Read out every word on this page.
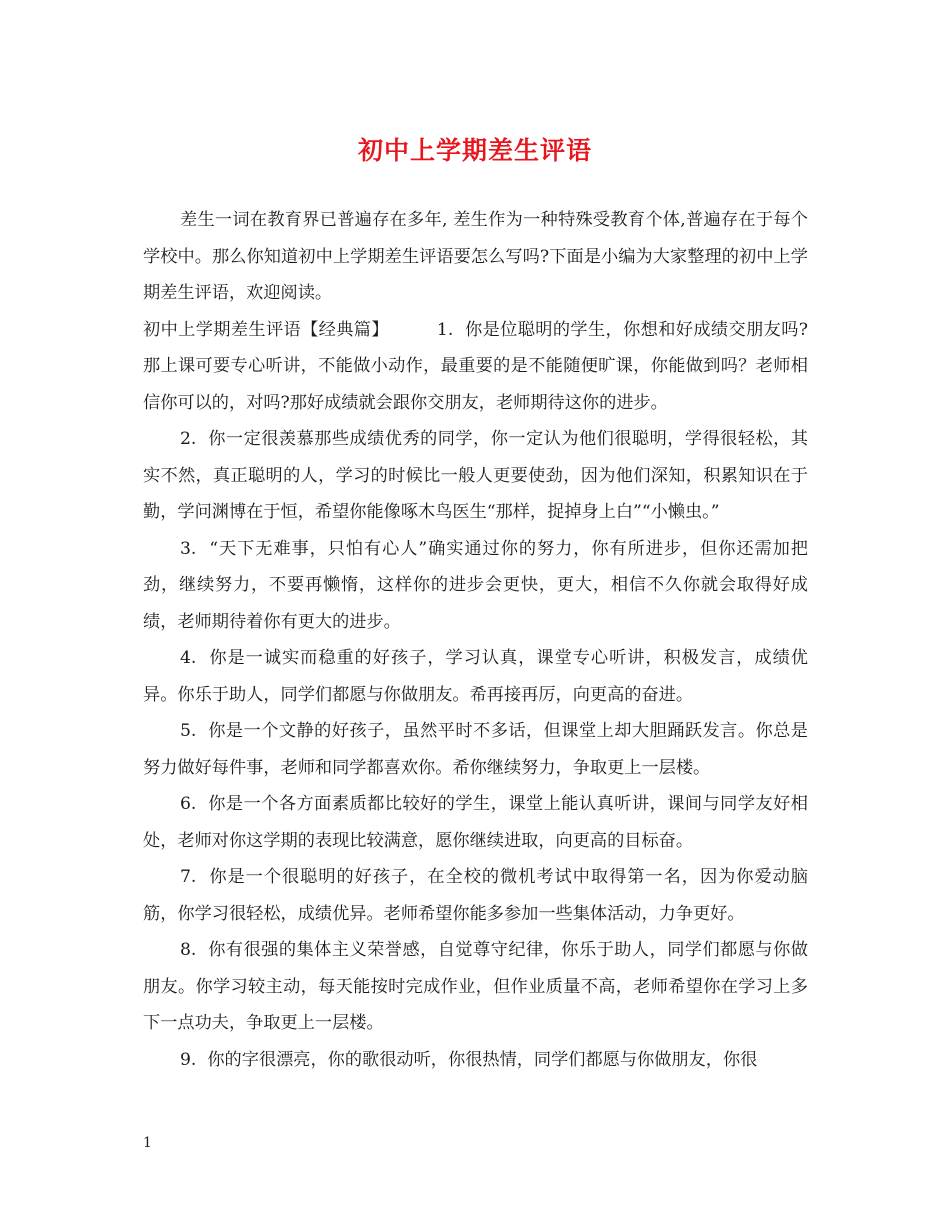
初中上学期差生评语

差生一词在教育界已普遍存在多年, 差生作为一种特殊受教育个体,普遍存在于每个学校中。那么你知道初中上学期差生评语要怎么写吗?下面是小编为大家整理的初中上学期差生评语，欢迎阅读。

初中上学期差生评语【经典篇】	1. 你是位聪明的学生，你想和好成绩交朋友吗?那上课可要专心听讲，不能做小动作，最重要的是不能随便旷课，你能做到吗？老师相信你可以的，对吗?那好成绩就会跟你交朋友，老师期待这你的进步。

2. 你一定很羡慕那些成绩优秀的同学，你一定认为他们很聪明，学得很轻松，其实不然，真正聪明的人，学习的时候比一般人更要使劲，因为他们深知，积累知识在于勤，学问渊博在于恒，希望你能像啄木鸟医生“那样，捉掉身上白”“小懒虫。”

3. “天下无难事，只怕有心人”确实通过你的努力，你有所进步，但你还需加把劲，继续努力，不要再懒惰，这样你的进步会更快，更大，相信不久你就会取得好成绩，老师期待着你有更大的进步。

4. 你是一诚实而稳重的好孩子，学习认真，课堂专心听讲，积极发言，成绩优异。你乐于助人，同学们都愿与你做朋友。希再接再厉，向更高的奋进。

5. 你是一个文静的好孩子，虽然平时不多话，但课堂上却大胆踊跃发言。你总是努力做好每件事，老师和同学都喜欢你。希你继续努力，争取更上一层楼。

6. 你是一个各方面素质都比较好的学生，课堂上能认真听讲，课间与同学友好相处，老师对你这学期的表现比较满意，愿你继续进取，向更高的目标奋。

7. 你是一个很聪明的好孩子，在全校的微机考试中取得第一名，因为你爱动脑筋，你学习很轻松，成绩优异。老师希望你能多参加一些集体活动，力争更好。

8. 你有很强的集体主义荣誉感，自觉尊守纪律，你乐于助人，同学们都愿与你做朋友。你学习较主动，每天能按时完成作业，但作业质量不高，老师希望你在学习上多下一点功夫，争取更上一层楼。

9. 你的字很漂亮，你的歌很动听，你很热情，同学们都愿与你做朋友，你很

1
